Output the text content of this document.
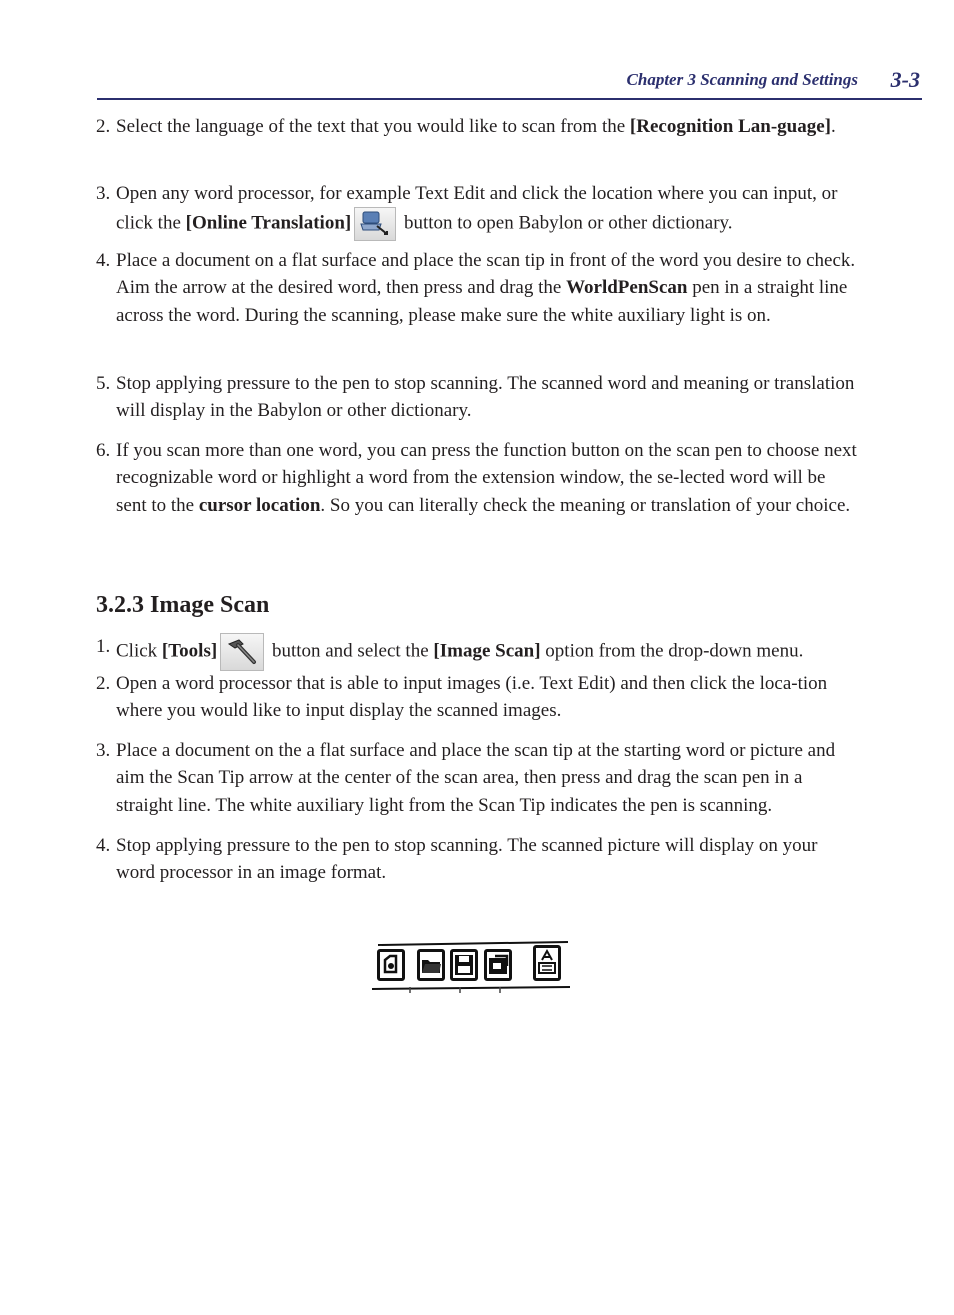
Chapter 3 Scanning and Settings 3-3
2. Select the language of the text that you would like to scan from the [Recognition Lan-guage].
3. Open any word processor, for example Text Edit and click the location where you can input, or click the [Online Translation]	button to open Babylon or other dictionary.
4. Place a document on a flat surface and place the scan tip in front of the word you desire to check. Aim the arrow at the desired word, then press and drag the WorldPenScan pen in a straight line across the word. During the scanning, please make sure the white auxiliary light is on.
5. Stop applying pressure to the pen to stop scanning. The scanned word and meaning or translation will display in the Babylon or other dictionary.
6. If you scan more than one word, you can press the function button on the scan pen to choose next recognizable word or highlight a word from the extension window, the se-lected word will be sent to the cursor location. So you can literally check the meaning or translation of your choice.
3.2.3 Image Scan
1. Click [Tools]	button and select the [Image Scan] option from the drop-down menu.
2. Open a word processor that is able to input images (i.e. Text Edit) and then click the loca-tion where you would like to input display the scanned images.
3. Place a document on the a flat surface and place the scan tip at the starting word or picture and aim the Scan Tip arrow at the center of the scan area, then press and drag the scan pen in a straight line. The white auxiliary light from the Scan Tip indicates the pen is scanning.
4. Stop applying pressure to the pen to stop scanning. The scanned picture will display on your word processor in an image format.
